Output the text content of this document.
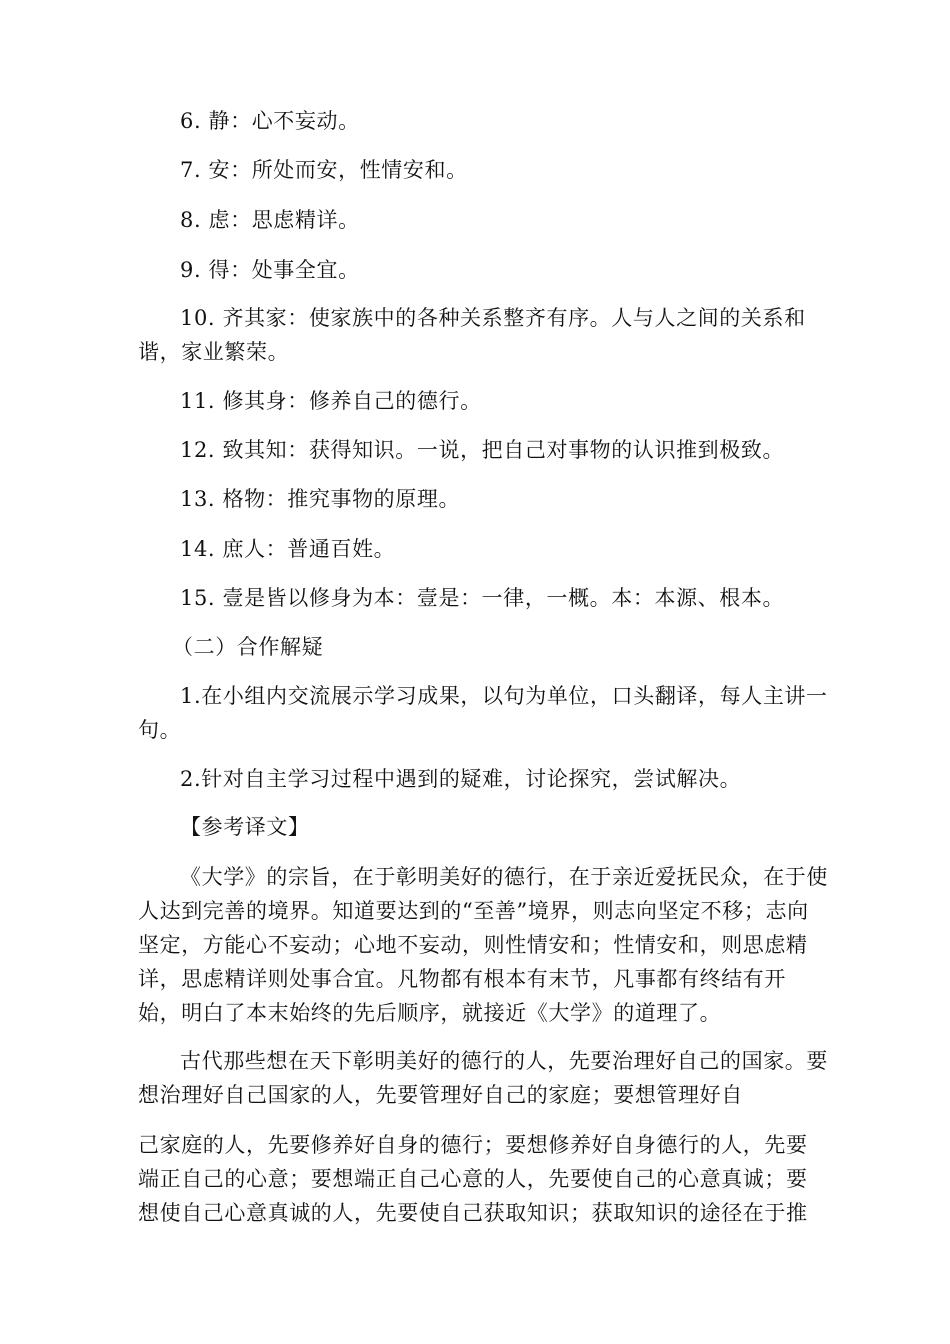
6. 静：心不妄动。

7. 安：所处而安，性情安和。

8. 虑：思虑精详。

9. 得：处事全宜。

10. 齐其家：使家族中的各种关系整齐有序。人与人之间的关系和谐，家业繁荣。

11. 修其身：修养自己的德行。

12. 致其知：获得知识。一说，把自己对事物的认识推到极致。

13. 格物：推究事物的原理。

14. 庶人：普通百姓。

15. 壹是皆以修身为本：壹是：一律，一概。本：本源、根本。

（二）合作解疑

1.在小组内交流展示学习成果，以句为单位，口头翻译，每人主讲一句。

2.针对自主学习过程中遇到的疑难，讨论探究，尝试解决。

【参考译文】

《大学》的宗旨，在于彰明美好的德行，在于亲近爱抚民众，在于使人达到完善的境界。知道要达到的“至善”境界，则志向坚定不移；志向坚定，方能心不妄动；心地不妄动，则性情安和；性情安和，则思虑精详，思虑精详则处事合宜。凡物都有根本有末节，凡事都有终结有开始，明白了本末始终的先后顺序，就接近《大学》的道理了。

古代那些想在天下彰明美好的德行的人，先要治理好自己的国家。要想治理好自己国家的人，先要管理好自己的家庭；要想管理好自

己家庭的人，先要修养好自身的德行；要想修养好自身德行的人，先要端正自己的心意；要想端正自己心意的人，先要使自己的心意真诚；要想使自己心意真诚的人，先要使自己获取知识；获取知识的途径在于推
